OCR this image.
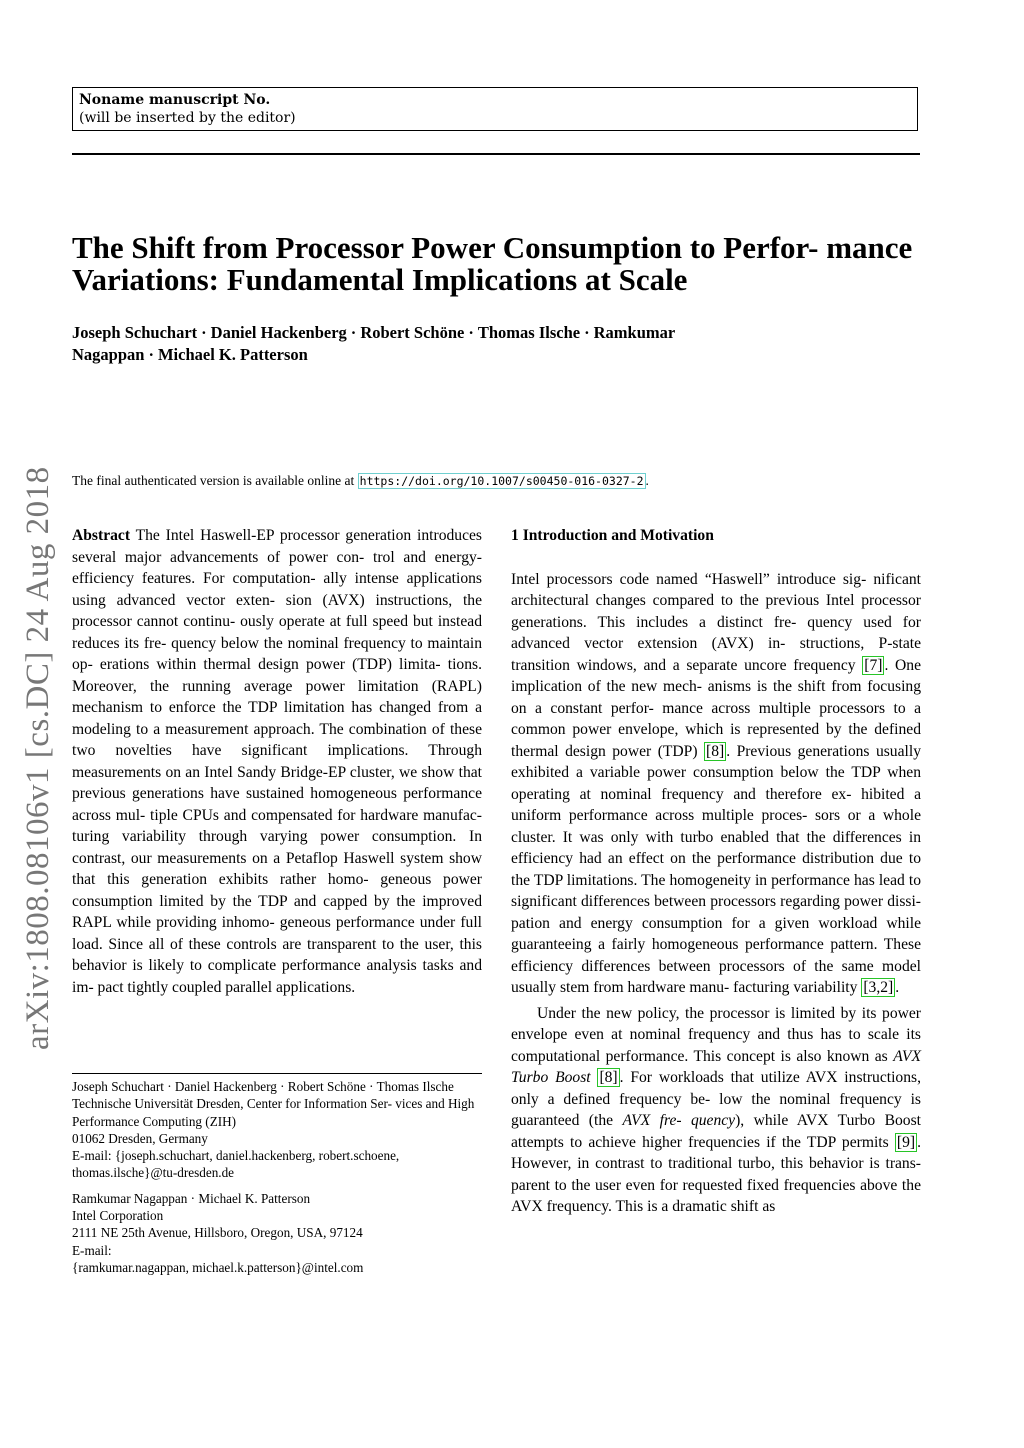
Noname manuscript No.
(will be inserted by the editor)
The Shift from Processor Power Consumption to Perfor- mance Variations: Fundamental Implications at Scale
Joseph Schuchart · Daniel Hackenberg · Robert Schöne · Thomas Ilsche · Ramkumar Nagappan · Michael K. Patterson
arXiv:1808.08106v1 [cs.DC] 24 Aug 2018 The final authenticated version is available online at https://doi.org/10.1007/s00450-016-0327-2 .
Abstract The Intel Haswell-EP processor generation introduces several major advancements of power con- trol and energy-efficiency features. For computation- ally intense applications using advanced vector exten- sion (AVX) instructions, the processor cannot continu- ously operate at full speed but instead reduces its fre- quency below the nominal frequency to maintain op- erations within thermal design power (TDP) limita- tions. Moreover, the running average power limitation (RAPL) mechanism to enforce the TDP limitation has changed from a modeling to a measurement approach. The combination of these two novelties have significant implications. Through measurements on an Intel Sandy Bridge-EP cluster, we show that previous generations have sustained homogeneous performance across mul- tiple CPUs and compensated for hardware manufac- turing variability through varying power consumption. In contrast, our measurements on a Petaflop Haswell system show that this generation exhibits rather homo- geneous power consumption limited by the TDP and capped by the improved RAPL while providing inhomo- geneous performance under full load. Since all of these controls are transparent to the user, this behavior is likely to complicate performance analysis tasks and im- pact tightly coupled parallel applications.
Joseph Schuchart · Daniel Hackenberg · Robert Schöne · Thomas Ilsche
Technische Universität Dresden, Center for Information Ser- vices and High Performance Computing (ZIH)
01062 Dresden, Germany
E-mail: {joseph.schuchart, daniel.hackenberg, robert.schoene, thomas.ilsche}@tu-dresden.de
Ramkumar Nagappan · Michael K. Patterson
Intel Corporation
2111 NE 25th Avenue, Hillsboro, Oregon, USA, 97124
E-mail:
{ramkumar.nagappan, michael.k.patterson}@intel.com
1 Introduction and Motivation

Intel processors code named “Haswell” introduce sig- nificant architectural changes compared to the previous Intel processor generations. This includes a distinct fre- quency used for advanced vector extension (AVX) in- structions, P-state transition windows, and a separate uncore frequency [7] . One implication of the new mech- anisms is the shift from focusing on a constant perfor- mance across multiple processors to a common power envelope, which is represented by the defined thermal design power (TDP) [8] . Previous generations usually exhibited a variable power consumption below the TDP when operating at nominal frequency and therefore ex- hibited a uniform performance across multiple proces- sors or a whole cluster. It was only with turbo enabled that the differences in efficiency had an effect on the performance distribution due to the TDP limitations. The homogeneity in performance has lead to significant differences between processors regarding power dissi- pation and energy consumption for a given workload while guaranteeing a fairly homogeneous performance pattern. These efficiency differences between processors of the same model usually stem from hardware manu- facturing variability [3,2] .

Under the new policy, the processor is limited by its power envelope even at nominal frequency and thus has to scale its computational performance. This concept is also known as AVX Turbo Boost [8] . For workloads that utilize AVX instructions, only a defined frequency be- low the nominal frequency is guaranteed (the AVX fre- quency), while AVX Turbo Boost attempts to achieve higher frequencies if the TDP permits [9] . However, in contrast to traditional turbo, this behavior is trans- parent to the user even for requested fixed frequencies above the AVX frequency. This is a dramatic shift as
